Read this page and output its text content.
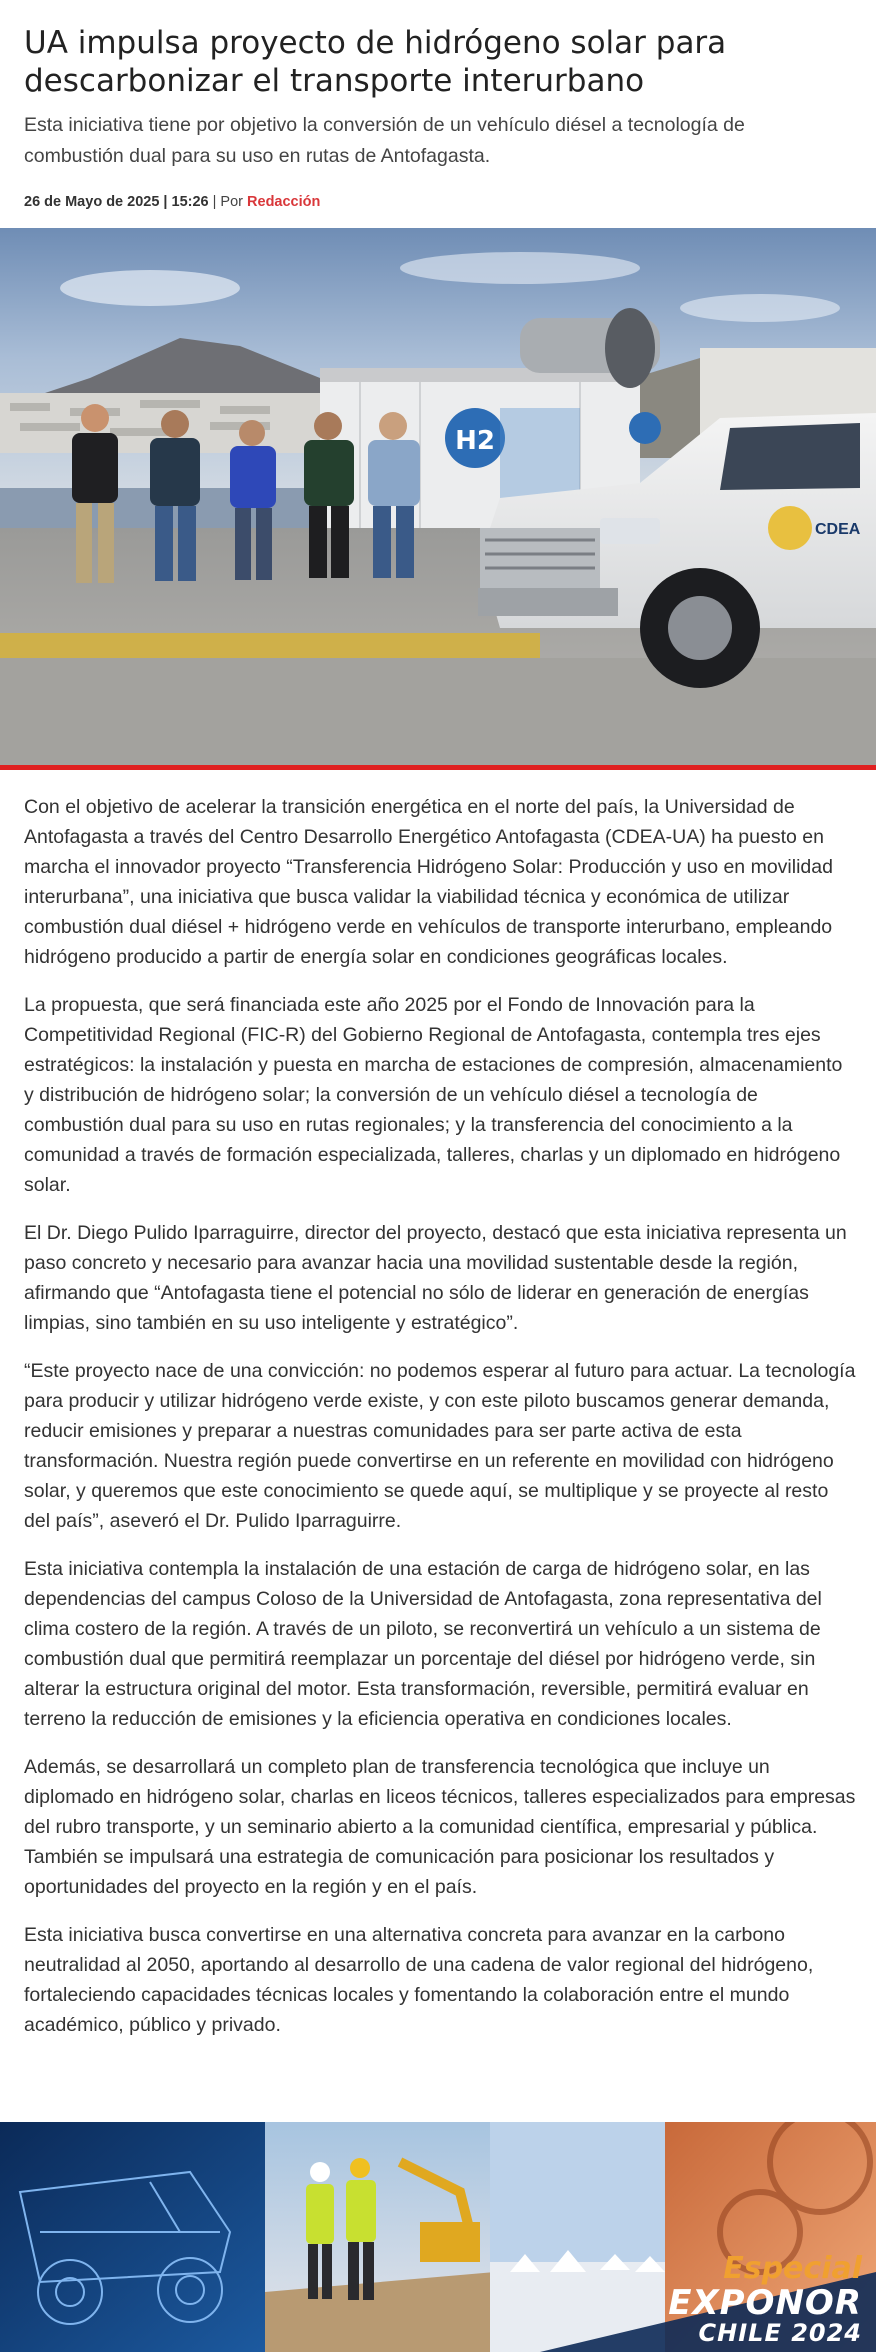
UA impulsa proyecto de hidrógeno solar para descarbonizar el transporte interurbano

Esta iniciativa tiene por objetivo la conversión de un vehículo diésel a tecnología de combustión dual para su uso en rutas de Antofagasta.

26 de Mayo de 2025 | 15:26 | Por Redacción
H2
CDEA

Con el objetivo de acelerar la transición energética en el norte del país, la Universidad de Antofagasta a través del Centro Desarrollo Energético Antofagasta (CDEA-UA) ha puesto en marcha el innovador proyecto “Transferencia Hidrógeno Solar: Producción y uso en movilidad interurbana”, una iniciativa que busca validar la viabilidad técnica y económica de utilizar combustión dual diésel + hidrógeno verde en vehículos de transporte interurbano, empleando hidrógeno producido a partir de energía solar en condiciones geográficas locales.

La propuesta, que será financiada este año 2025 por el Fondo de Innovación para la Competitividad Regional (FIC-R) del Gobierno Regional de Antofagasta, contempla tres ejes estratégicos: la instalación y puesta en marcha de estaciones de compresión, almacenamiento y distribución de hidrógeno solar; la conversión de un vehículo diésel a tecnología de combustión dual para su uso en rutas regionales; y la transferencia del conocimiento a la comunidad a través de formación especializada, talleres, charlas y un diplomado en hidrógeno solar.

El Dr. Diego Pulido Iparraguirre, director del proyecto, destacó que esta iniciativa representa un paso concreto y necesario para avanzar hacia una movilidad sustentable desde la región, afirmando que “Antofagasta tiene el potencial no sólo de liderar en generación de energías limpias, sino también en su uso inteligente y estratégico”.

“Este proyecto nace de una convicción: no podemos esperar al futuro para actuar. La tecnología para producir y utilizar hidrógeno verde existe, y con este piloto buscamos generar demanda, reducir emisiones y preparar a nuestras comunidades para ser parte activa de esta transformación. Nuestra región puede convertirse en un referente en movilidad con hidrógeno solar, y queremos que este conocimiento se quede aquí, se multiplique y se proyecte al resto del país”, aseveró el Dr. Pulido Iparraguirre.

Esta iniciativa contempla la instalación de una estación de carga de hidrógeno solar, en las dependencias del campus Coloso de la Universidad de Antofagasta, zona representativa del clima costero de la región. A través de un piloto, se reconvertirá un vehículo a un sistema de combustión dual que permitirá reemplazar un porcentaje del diésel por hidrógeno verde, sin alterar la estructura original del motor. Esta transformación, reversible, permitirá evaluar en terreno la reducción de emisiones y la eficiencia operativa en condiciones locales.

Además, se desarrollará un completo plan de transferencia tecnológica que incluye un diplomado en hidrógeno solar, charlas en liceos técnicos, talleres especializados para empresas del rubro transporte, y un seminario abierto a la comunidad científica, empresarial y pública. También se impulsará una estrategia de comunicación para posicionar los resultados y oportunidades del proyecto en la región y en el país.

Esta iniciativa busca convertirse en una alternativa concreta para avanzar en la carbono neutralidad al 2050, aportando al desarrollo de una cadena de valor regional del hidrógeno, fortaleciendo capacidades técnicas locales y fomentando la colaboración entre el mundo académico, público y privado.

Especial
EXPONOR
CHILE 2024
